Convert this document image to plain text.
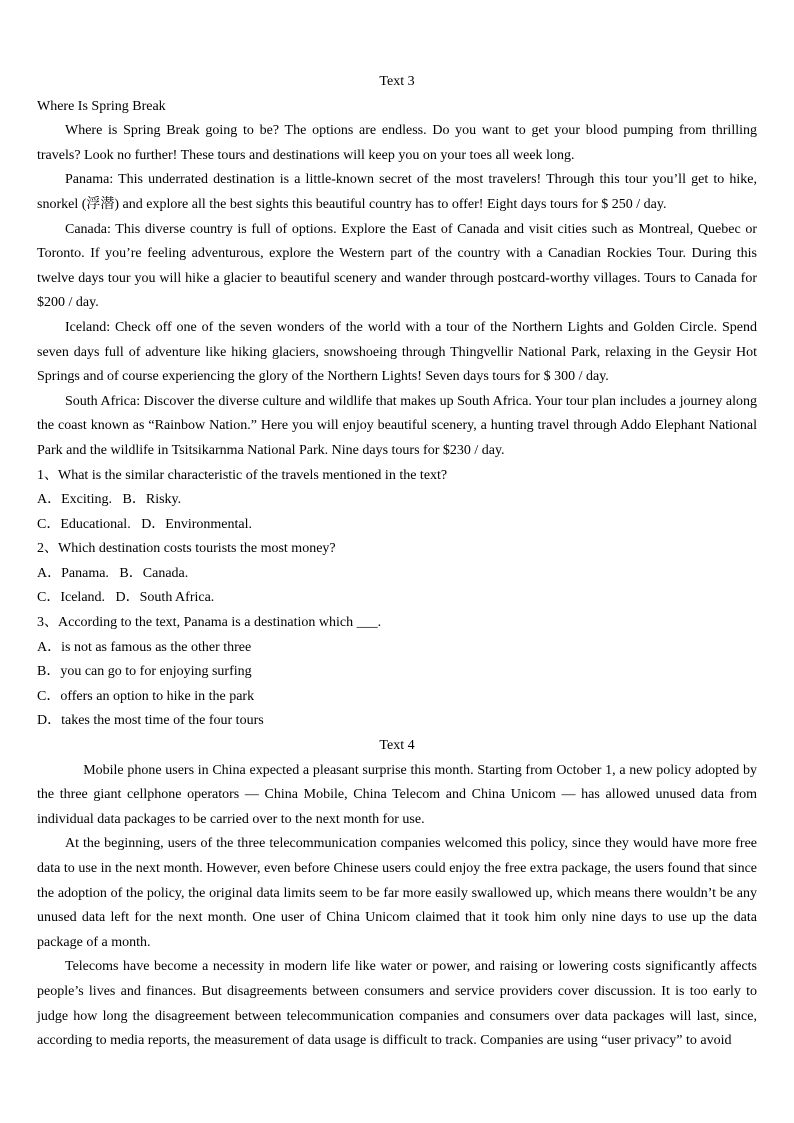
Text 3

Where Is Spring Break

Where is Spring Break going to be? The options are endless. Do you want to get your blood pumping from thrilling travels? Look no further! These tours and destinations will keep you on your toes all week long.

Panama: This underrated destination is a little-known secret of the most travelers! Through this tour you’ll get to hike, snorkel (浮潜) and explore all the best sights this beautiful country has to offer! Eight days tours for $ 250 / day.

Canada: This diverse country is full of options. Explore the East of Canada and visit cities such as Montreal, Quebec or Toronto. If you’re feeling adventurous, explore the Western part of the country with a Canadian Rockies Tour. During this twelve days tour you will hike a glacier to beautiful scenery and wander through postcard-worthy villages. Tours to Canada for $200 / day.

Iceland: Check off one of the seven wonders of the world with a tour of the Northern Lights and Golden Circle. Spend seven days full of adventure like hiking glaciers, snowshoeing through Thingvellir National Park, relaxing in the Geysir Hot Springs and of course experiencing the glory of the Northern Lights! Seven days tours for $ 300 / day.

South Africa: Discover the diverse culture and wildlife that makes up South Africa. Your tour plan includes a journey along the coast known as “Rainbow Nation.” Here you will enjoy beautiful scenery, a hunting travel through Addo Elephant National Park and the wildlife in Tsitsikarnma National Park. Nine days tours for $230 / day.

1、What is the similar characteristic of the travels mentioned in the text?

A．Exciting.   B．Risky.

C．Educational.   D．Environmental.

2、Which destination costs tourists the most money?

A．Panama.   B．Canada.

C．Iceland.   D．South Africa.

3、According to the text, Panama is a destination which ___.

A．is not as famous as the other three

B．you can go to for enjoying surfing

C．offers an option to hike in the park

D．takes the most time of the four tours

Text 4

Mobile phone users in China expected a pleasant surprise this month. Starting from October 1, a new policy adopted by the three giant cellphone operators — China Mobile, China Telecom and China Unicom — has allowed unused data from individual data packages to be carried over to the next month for use.

At the beginning, users of the three telecommunication companies welcomed this policy, since they would have more free data to use in the next month. However, even before Chinese users could enjoy the free extra package, the users found that since the adoption of the policy, the original data limits seem to be far more easily swallowed up, which means there wouldn’t be any unused data left for the next month. One user of China Unicom claimed that it took him only nine days to use up the data package of a month.

Telecoms have become a necessity in modern life like water or power, and raising or lowering costs significantly affects people’s lives and finances. But disagreements between consumers and service providers cover discussion. It is too early to judge how long the disagreement between telecommunication companies and consumers over data packages will last, since, according to media reports, the measurement of data usage is difficult to track. Companies are using “user privacy” to avoid
